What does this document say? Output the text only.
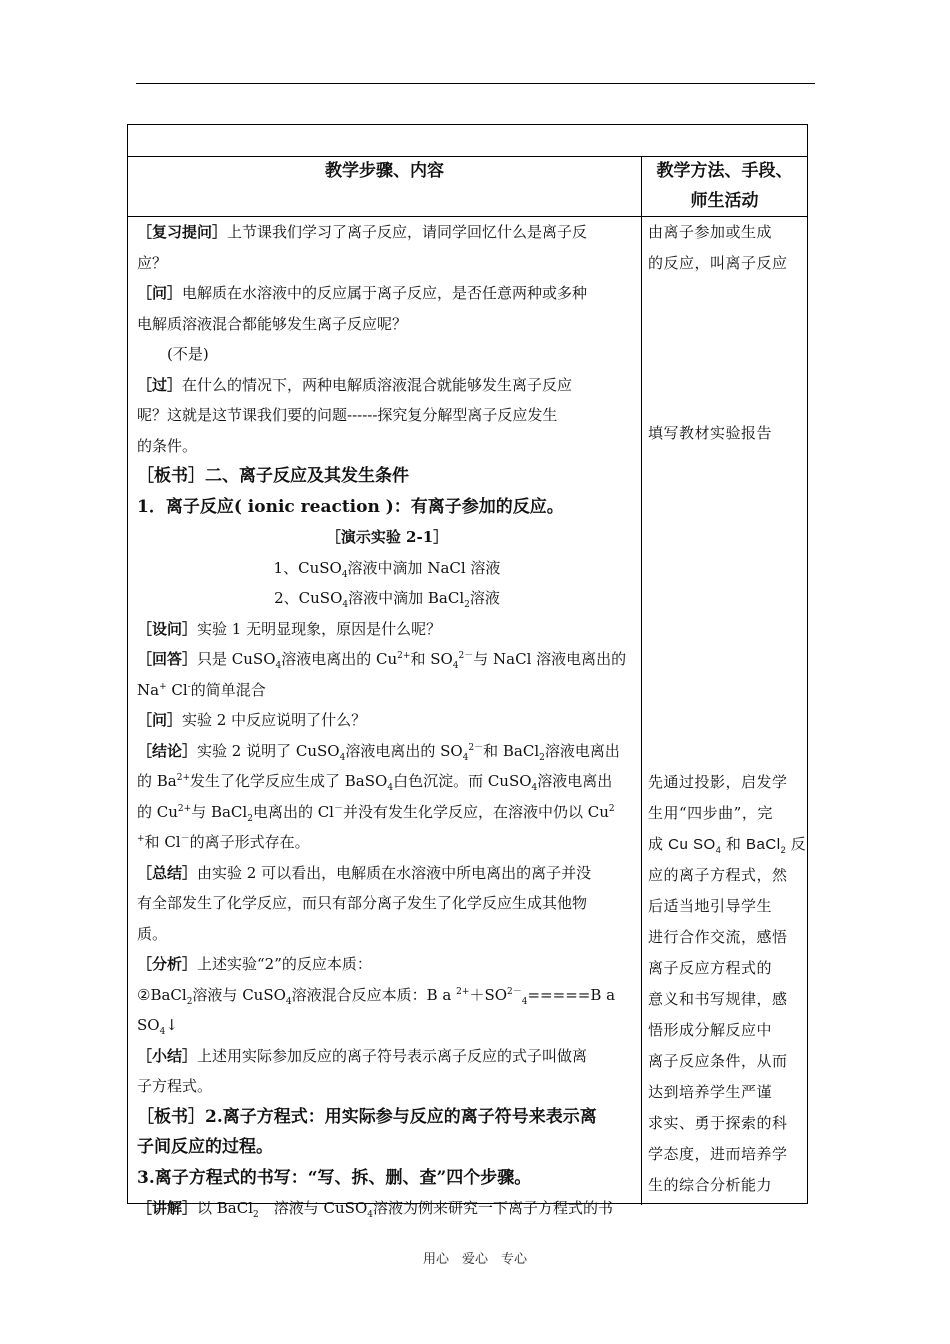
教学步骤、内容	教学方法、手段、
师生活动
［复习提问］上节课我们学习了离子反应，请同学回忆什么是离子反
应？
［问］电解质在水溶液中的反应属于离子反应，是否任意两种或多种
电解质溶液混合都能够发生离子反应呢？
(不是)
［过］在什么的情况下，两种电解质溶液混合就能够发生离子反应
呢？这就是这节课我们要的问题------探究复分解型离子反应发生
的条件。
［板书］二、离子反应及其发生条件
1．离子反应( ionic reaction )：有离子参加的反应。
［演示实验 2-1］
1、CuSO$_4$溶液中滴加 NaCl 溶液
2、CuSO$_4$溶液中滴加 BaCl$_2$溶液
［设问］实验 1 无明显现象，原因是什么呢？
［回答］只是 CuSO$_4$溶液电离出的 $Cu^{2+}$和 $SO_4^{2-}$与 NaCl 溶液电离出的
Na+ Cl-的简单混合
［问］实验 2 中反应说明了什么？
［结论］实验 2 说明了 CuSO$_4$溶液电离出的 $SO_4^{2-}$和 BaCl$_2$溶液电离出
的 $Ba^{2+}$发生了化学反应生成了 BaSO$_4$白色沉淀。而 CuSO$_4$溶液电离出
的 $Cu^{2+}$与 BaCl$_2$电离出的 Cl－并没有发生化学反应，在溶液中仍以 Cu$^2$
+和 Cl－的离子形式存在。
［总结］由实验 2 可以看出，电解质在水溶液中所电离出的离子并没
有全部发生了化学反应，而只有部分离子发生了化学反应生成其他物
质。
［分析］上述实验“2”的反应本质：
②BaCl$_2$溶液与 CuSO$_4$溶液混合反应本质：B a $^{2+}+SO^{2-}_4=====B$ a
$SO_4↓$
［小结］上述用实际参加反应的离子符号表示离子反应的式子叫做离
子方程式。
［板书］2.离子方程式：用实际参与反应的离子符号来表示离
子间反应的过程。
3.离子方程式的书写：“写、拆、删、查”四个步骤。
［讲解］以 BaCl$_2$　溶液与 CuSO$_4$溶液为例来研究一下离子方程式的书
由离子参加或生成
的反应，叫离子反应
填写教材实验报告
先通过投影，启发学
生用“四步曲”，完
成 Cu $SO_4$ 和 BaCl$_2$ 反
应的离子方程式，然
后适当地引导学生
进行合作交流，感悟
离子反应方程式的
意义和书写规律，感
悟形成分解反应中
离子反应条件，从而
达到培养学生严谨
求实、勇于探索的科
学态度，进而培养学
生的综合分析能力
用心　爱心　专心
